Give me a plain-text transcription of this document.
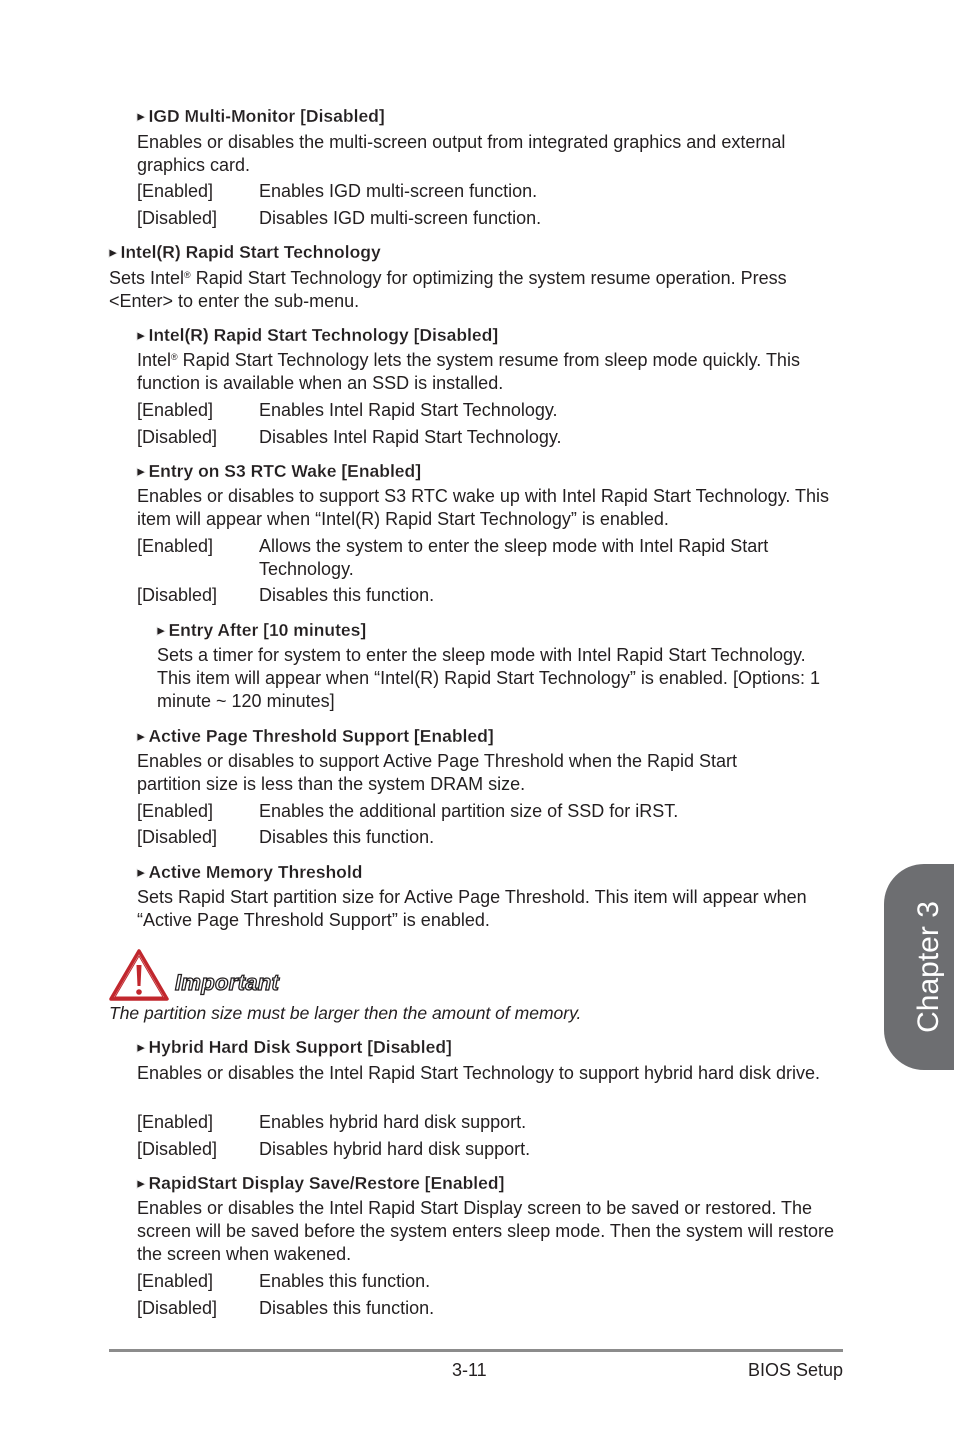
▶ IGD Multi-Monitor [Disabled]
Enables or disables the multi-screen output from integrated graphics and external graphics card.
[Enabled]	Enables IGD multi-screen function.
[Disabled] Disables IGD multi-screen function.
▶ Intel(R) Rapid Start Technology
Sets Intel® Rapid Start Technology for optimizing the system resume operation. Press <Enter> to enter the sub-menu.
▶ Intel(R) Rapid Start Technology [Disabled]
Intel® Rapid Start Technology lets the system resume from sleep mode quickly. This function is available when an SSD is installed.
[Enabled]	Enables Intel Rapid Start Technology.
[Disabled] Disables Intel Rapid Start Technology.
▶ Entry on S3 RTC Wake [Enabled]
Enables or disables to support S3 RTC wake up with Intel Rapid Start Technology. This item will appear when “Intel(R) Rapid Start Technology” is enabled.
[Enabled]	Allows the system to enter the sleep mode with Intel Rapid Start Technology.
[Disabled] Disables this function.
▶ Entry After [10 minutes]
Sets a timer for system to enter the sleep mode with Intel Rapid Start Technology. This item will appear when “Intel(R) Rapid Start Technology” is enabled. [Options: 1 minute ~ 120 minutes]
▶ Active Page Threshold Support [Enabled]
Enables or disables to support Active Page Threshold when the Rapid Start partition size is less than the system DRAM size.
[Enabled]	Enables the additional partition size of SSD for iRST.
[Disabled] Disables this function.
▶ Active Memory Threshold
Sets Rapid Start partition size for Active Page Threshold. This item will appear when “Active Page Threshold Support” is enabled.
Important
The partition size must be larger then the amount of memory.
▶ Hybrid Hard Disk Support [Disabled]
Enables or disables the Intel Rapid Start Technology to support hybrid hard disk drive.
[Enabled]	Enables hybrid hard disk support.
[Disabled] Disables hybrid hard disk support.
▶ RapidStart Display Save/Restore [Enabled]
Enables or disables the Intel Rapid Start Display screen to be saved or restored. The screen will be saved before the system enters sleep mode. Then the system will restore the screen when wakened.
[Enabled]	Enables this function.
[Disabled] Disables this function.
Chapter 3
3-11	BIOS Setup
